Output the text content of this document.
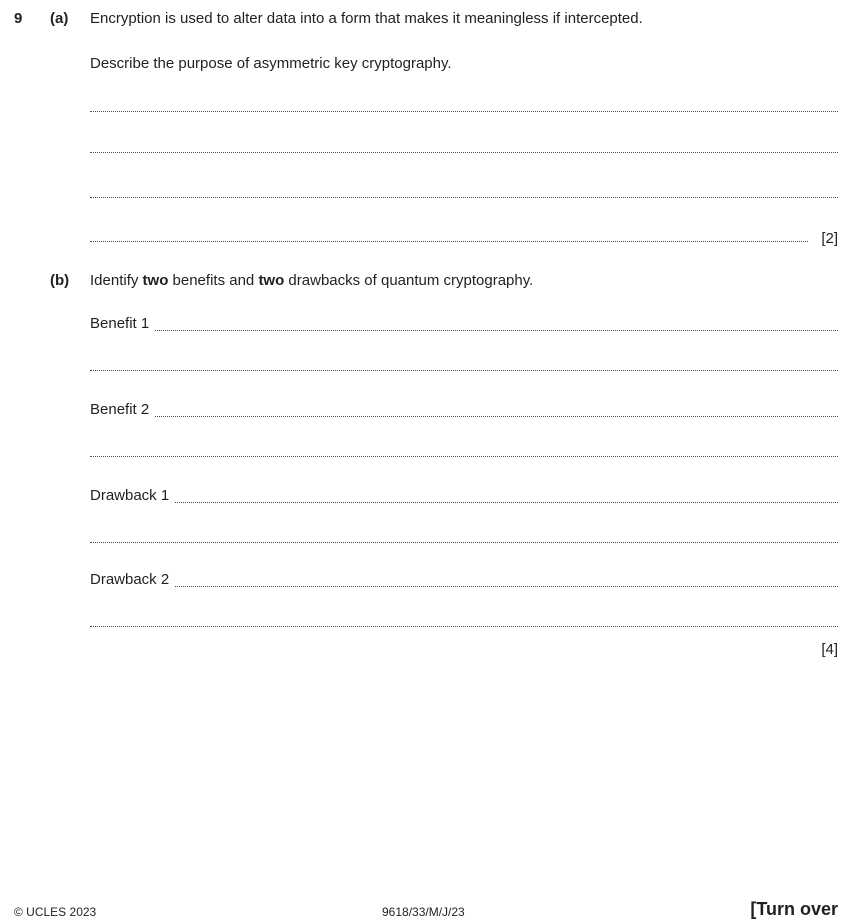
9 (a) Encryption is used to alter data into a form that makes it meaningless if intercepted.
Describe the purpose of asymmetric key cryptography.
[2]
(b) Identify two benefits and two drawbacks of quantum cryptography.
Benefit 1
Benefit 2
Drawback 1
Drawback 2
[4]
© UCLES 2023	9618/33/M/J/23	[Turn over
